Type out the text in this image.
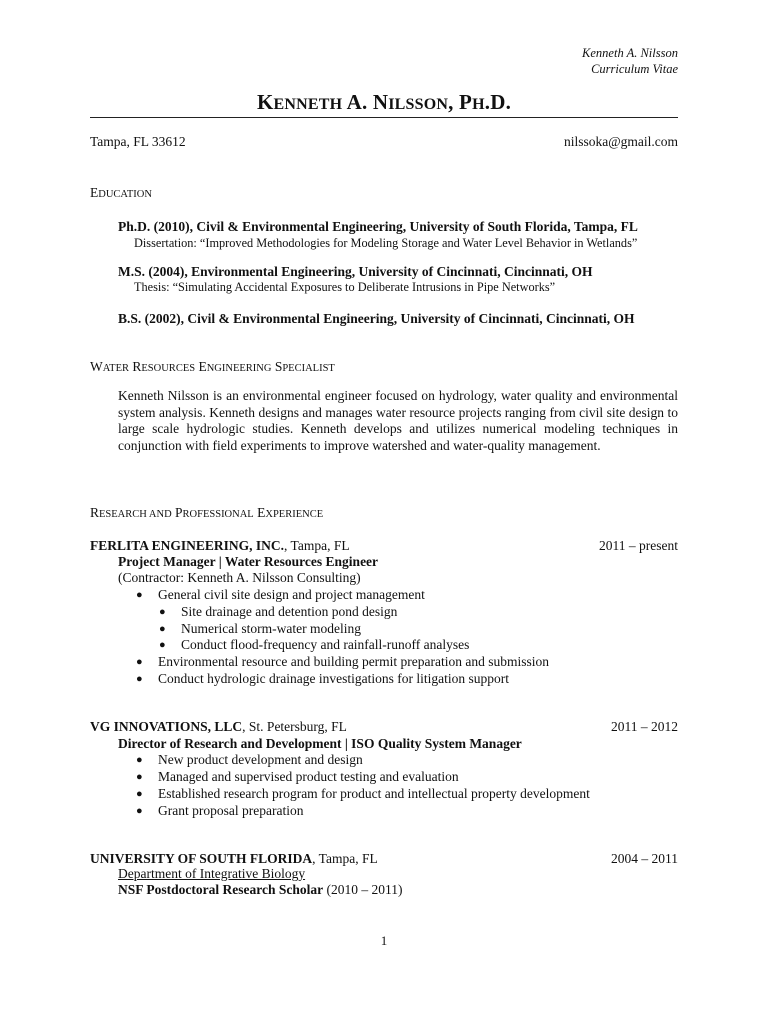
Kenneth A. Nilsson
Curriculum Vitae
KENNETH A. NILSSON, PH.D.
Tampa, FL 33612	nilssoka@gmail.com
EDUCATION
Ph.D. (2010), Civil & Environmental Engineering, University of South Florida, Tampa, FL
Dissertation: “Improved Methodologies for Modeling Storage and Water Level Behavior in Wetlands”
M.S. (2004), Environmental Engineering, University of Cincinnati, Cincinnati, OH
Thesis: “Simulating Accidental Exposures to Deliberate Intrusions in Pipe Networks”
B.S. (2002), Civil & Environmental Engineering, University of Cincinnati, Cincinnati, OH
WATER RESOURCES ENGINEERING SPECIALIST
Kenneth Nilsson is an environmental engineer focused on hydrology, water quality and environmental system analysis. Kenneth designs and manages water resource projects ranging from civil site design to large scale hydrologic studies. Kenneth develops and utilizes numerical modeling techniques in conjunction with field experiments to improve watershed and water-quality management.
RESEARCH AND PROFESSIONAL EXPERIENCE
FERLITA ENGINEERING, INC., Tampa, FL	2011 – present
Project Manager | Water Resources Engineer
(Contractor: Kenneth A. Nilsson Consulting)
● General civil site design and project management
● Site drainage and detention pond design
● Numerical storm-water modeling
● Conduct flood-frequency and rainfall-runoff analyses
● Environmental resource and building permit preparation and submission
● Conduct hydrologic drainage investigations for litigation support
VG INNOVATIONS, LLC, St. Petersburg, FL	2011 – 2012
Director of Research and Development | ISO Quality System Manager
● New product development and design
● Managed and supervised product testing and evaluation
● Established research program for product and intellectual property development
● Grant proposal preparation
UNIVERSITY OF SOUTH FLORIDA, Tampa, FL	2004 – 2011
Department of Integrative Biology
NSF Postdoctoral Research Scholar (2010 – 2011)
1
